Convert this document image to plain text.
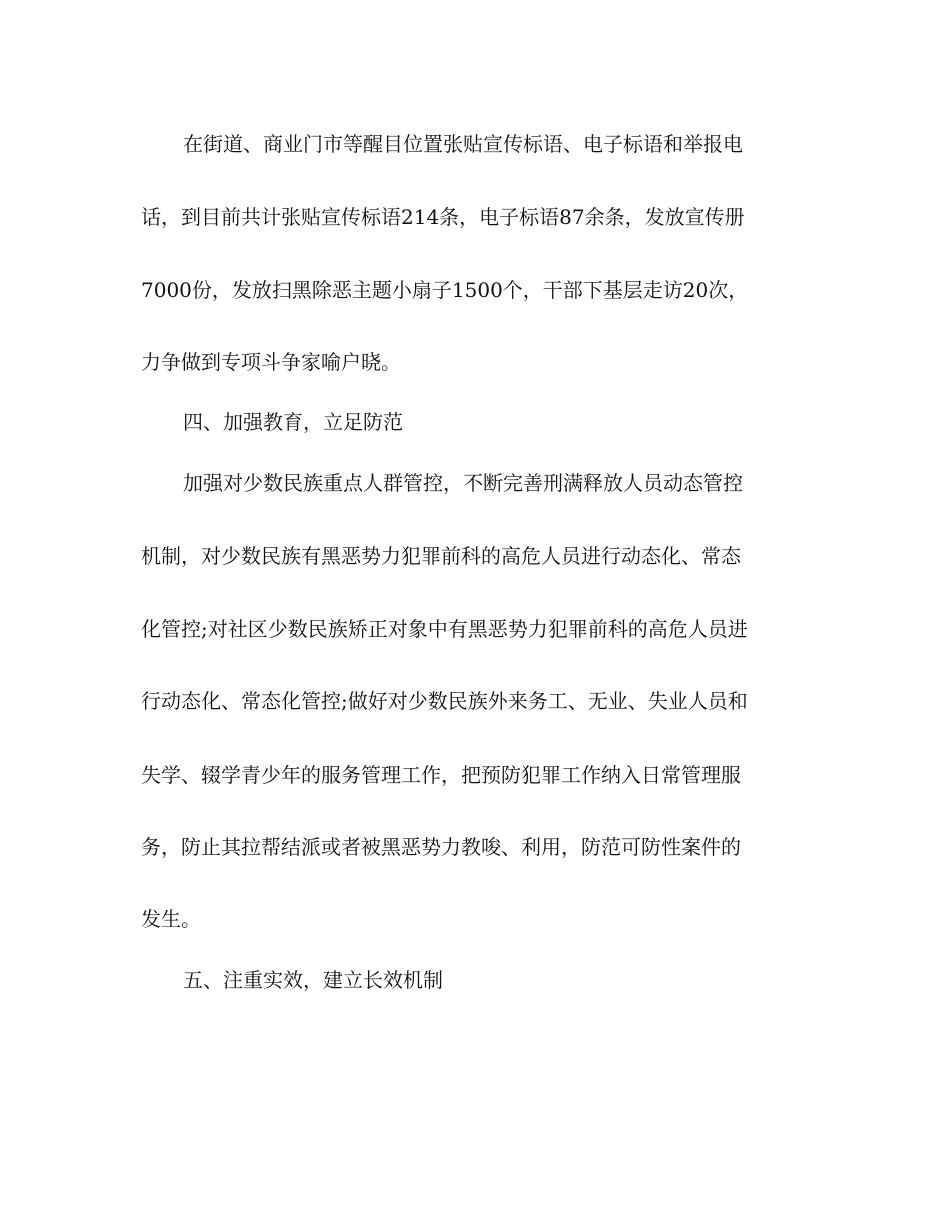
在街道、商业门市等醒目位置张贴宣传标语、电子标语和举报电
话，到目前共计张贴宣传标语214条，电子标语87余条，发放宣传册
7000份，发放扫黑除恶主题小扇子1500个，干部下基层走访20次，
力争做到专项斗争家喻户晓。
四、加强教育，立足防范
加强对少数民族重点人群管控，不断完善刑满释放人员动态管控
机制，对少数民族有黑恶势力犯罪前科的高危人员进行动态化、常态
化管控;对社区少数民族矫正对象中有黑恶势力犯罪前科的高危人员进
行动态化、常态化管控;做好对少数民族外来务工、无业、失业人员和
失学、辍学青少年的服务管理工作，把预防犯罪工作纳入日常管理服
务，防止其拉帮结派或者被黑恶势力教唆、利用，防范可防性案件的
发生。
五、注重实效，建立长效机制
